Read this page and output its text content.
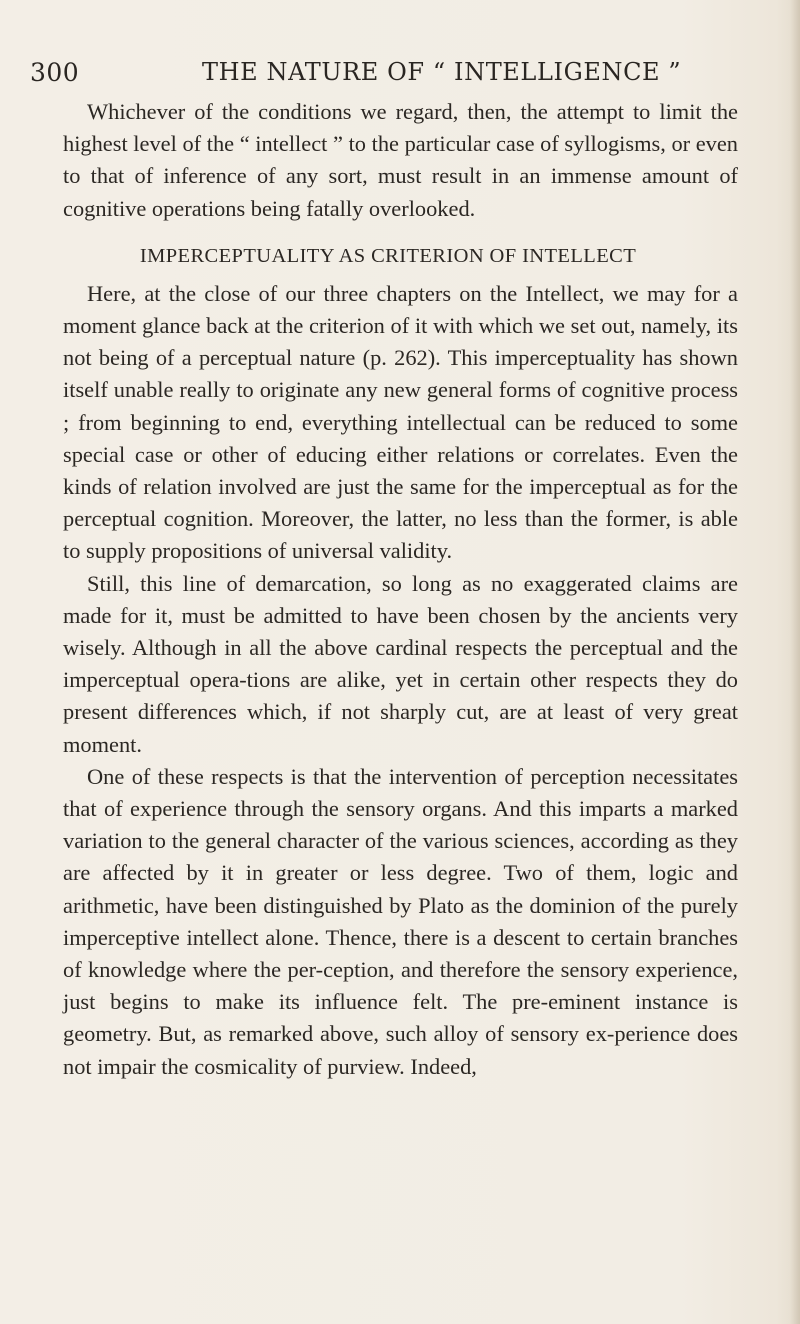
300	THE NATURE OF “ INTELLIGENCE ”

Whichever of the conditions we regard, then, the attempt to limit the highest level of the “ intellect ” to the particular case of syllogisms, or even to that of inference of any sort, must result in an immense amount of cognitive operations being fatally overlooked.

IMPERCEPTUALITY AS CRITERION OF INTELLECT

Here, at the close of our three chapters on the Intellect, we may for a moment glance back at the criterion of it with which we set out, namely, its not being of a perceptual nature (p. 262). This imperceptuality has shown itself unable really to originate any new general forms of cognitive process ; from beginning to end, everything intellectual can be reduced to some special case or other of educing either relations or correlates. Even the kinds of relation involved are just the same for the imperceptual as for the perceptual cognition. Moreover, the latter, no less than the former, is able to supply propositions of universal validity.

Still, this line of demarcation, so long as no exaggerated claims are made for it, must be admitted to have been chosen by the ancients very wisely. Although in all the above cardinal respects the perceptual and the imperceptual opera-tions are alike, yet in certain other respects they do present differences which, if not sharply cut, are at least of very great moment.

One of these respects is that the intervention of perception necessitates that of experience through the sensory organs. And this imparts a marked variation to the general character of the various sciences, according as they are affected by it in greater or less degree. Two of them, logic and arithmetic, have been distinguished by Plato as the dominion of the purely imperceptive intellect alone. Thence, there is a descent to certain branches of knowledge where the per-ception, and therefore the sensory experience, just begins to make its influence felt. The pre-eminent instance is geometry. But, as remarked above, such alloy of sensory ex-perience does not impair the cosmicality of purview. Indeed,
